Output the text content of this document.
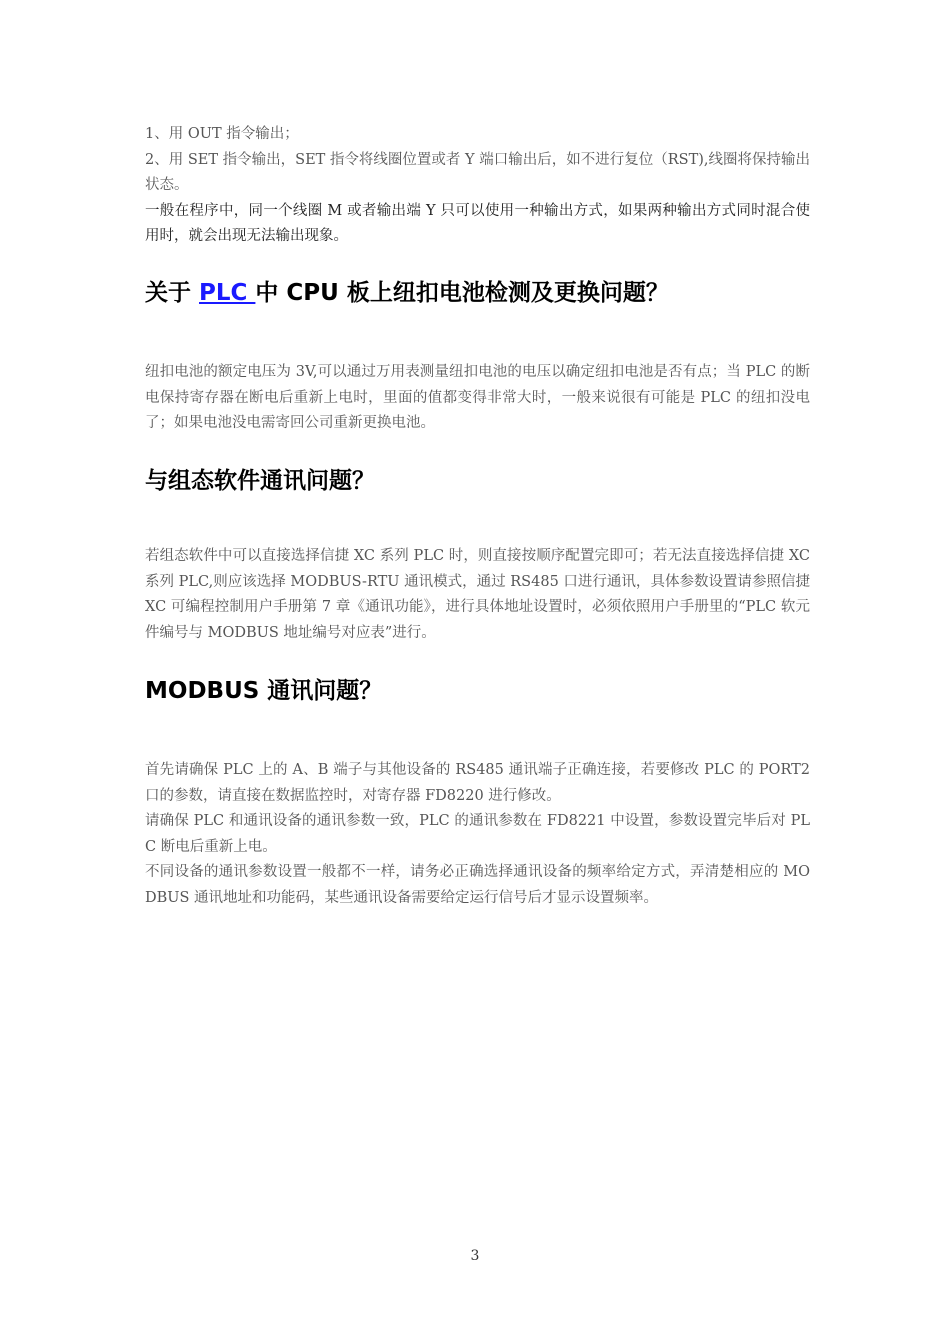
1、用 OUT 指令输出；

2、用 SET 指令输出，SET 指令将线圈位置或者 Y 端口输出后，如不进行复位（RST),线圈将保持输出状态。

一般在程序中，同一个线圈 M 或者输出端 Y 只可以使用一种输出方式，如果两种输出方式同时混合使用时，就会出现无法输出现象。

关于 PLC 中 CPU 板上纽扣电池检测及更换问题？

纽扣电池的额定电压为 3V,可以通过万用表测量纽扣电池的电压以确定纽扣电池是否有点；当 PLC 的断电保持寄存器在断电后重新上电时，里面的值都变得非常大时，一般来说很有可能是 PLC 的纽扣没电了；如果电池没电需寄回公司重新更换电池。

与组态软件通讯问题？

若组态软件中可以直接选择信捷 XC 系列 PLC 时，则直接按顺序配置完即可；若无法直接选择信捷 XC 系列 PLC,则应该选择 MODBUS-RTU 通讯模式，通过 RS485 口进行通讯，具体参数设置请参照信捷 XC 可编程控制用户手册第 7 章《通讯功能》，进行具体地址设置时，必须依照用户手册里的“PLC 软元件编号与 MODBUS 地址编号对应表”进行。

MODBUS 通讯问题？

首先请确保 PLC 上的 A、B 端子与其他设备的 RS485 通讯端子正确连接，若要修改 PLC 的 PORT2 口的参数，请直接在数据监控时，对寄存器 FD8220 进行修改。

请确保 PLC 和通讯设备的通讯参数一致，PLC 的通讯参数在 FD8221 中设置，参数设置完毕后对 PLC 断电后重新上电。

不同设备的通讯参数设置一般都不一样，请务必正确选择通讯设备的频率给定方式，弄清楚相应的 MODBUS 通讯地址和功能码，某些通讯设备需要给定运行信号后才显示设置频率。

3
